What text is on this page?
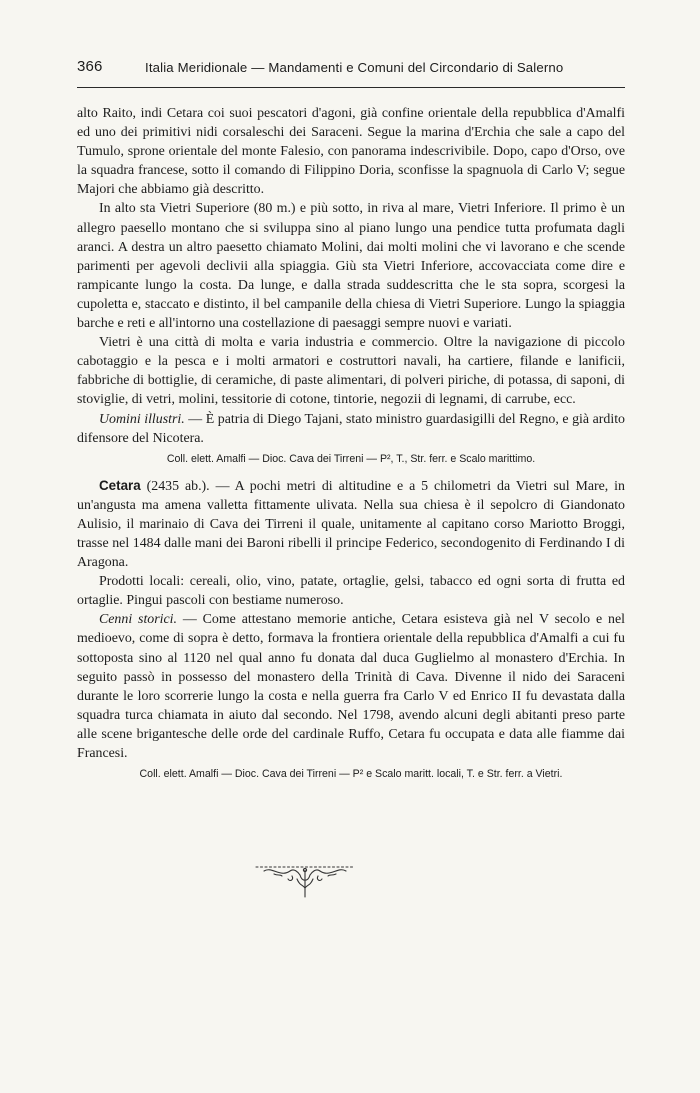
366	Italia Meridionale — Mandamenti e Comuni del Circondario di Salerno

alto Raito, indi Cetara coi suoi pescatori d'agoni, già confine orientale della repubblica d'Amalfi ed uno dei primitivi nidi corsaleschi dei Saraceni. Segue la marina d'Erchia che sale a capo del Tumulo, sprone orientale del monte Falesio, con panorama indescrivibile. Dopo, capo d'Orso, ove la squadra francese, sotto il comando di Filippino Doria, sconfisse la spagnuola di Carlo V; segue Majori che abbiamo già descritto.

In alto sta Vietri Superiore (80 m.) e più sotto, in riva al mare, Vietri Inferiore. Il primo è un allegro paesello montano che si sviluppa sino al piano lungo una pendice tutta profumata dagli aranci. A destra un altro paesetto chiamato Molini, dai molti molini che vi lavorano e che scende parimenti per agevoli declivii alla spiaggia. Giù sta Vietri Inferiore, accovacciata come dire e rampicante lungo la costa. Da lunge, e dalla strada suddescritta che le sta sopra, scorgesi la cupoletta e, staccato e distinto, il bel campanile della chiesa di Vietri Superiore. Lungo la spiaggia barche e reti e all'intorno una costellazione di paesaggi sempre nuovi e variati.

Vietri è una città di molta e varia industria e commercio. Oltre la navigazione di piccolo cabotaggio e la pesca e i molti armatori e costruttori navali, ha cartiere, filande e lanificii, fabbriche di bottiglie, di ceramiche, di paste alimentari, di polveri piriche, di potassa, di saponi, di stoviglie, di vetri, molini, tessitorie di cotone, tintorie, negozii di legnami, di carrube, ecc.

Uomini illustri. — È patria di Diego Tajani, stato ministro guardasigilli del Regno, e già ardito difensore del Nicotera.

Coll. elett. Amalfi — Dioc. Cava dei Tirreni — P², T., Str. ferr. e Scalo marittimo.

Cetara (2435 ab.). — A pochi metri di altitudine e a 5 chilometri da Vietri sul Mare, in un'angusta ma amena valletta fittamente ulivata. Nella sua chiesa è il sepolcro di Giandonato Aulisio, il marinaio di Cava dei Tirreni il quale, unitamente al capitano corso Mariotto Broggi, trasse nel 1484 dalle mani dei Baroni ribelli il principe Federico, secondogenito di Ferdinando I di Aragona.

Prodotti locali: cereali, olio, vino, patate, ortaglie, gelsi, tabacco ed ogni sorta di frutta ed ortaglie. Pingui pascoli con bestiame numeroso.

Cenni storici. — Come attestano memorie antiche, Cetara esisteva già nel V secolo e nel medioevo, come di sopra è detto, formava la frontiera orientale della repubblica d'Amalfi a cui fu sottoposta sino al 1120 nel qual anno fu donata dal duca Guglielmo al monastero d'Erchia. In seguito passò in possesso del monastero della Trinità di Cava. Divenne il nido dei Saraceni durante le loro scorrerie lungo la costa e nella guerra fra Carlo V ed Enrico II fu devastata dalla squadra turca chiamata in aiuto dal secondo. Nel 1798, avendo alcuni degli abitanti preso parte alle scene brigantesche delle orde del cardinale Ruffo, Cetara fu occupata e data alle fiamme dai Francesi.

Coll. elett. Amalfi — Dioc. Cava dei Tirreni — P² e Scalo maritt. locali, T. e Str. ferr. a Vietri.
